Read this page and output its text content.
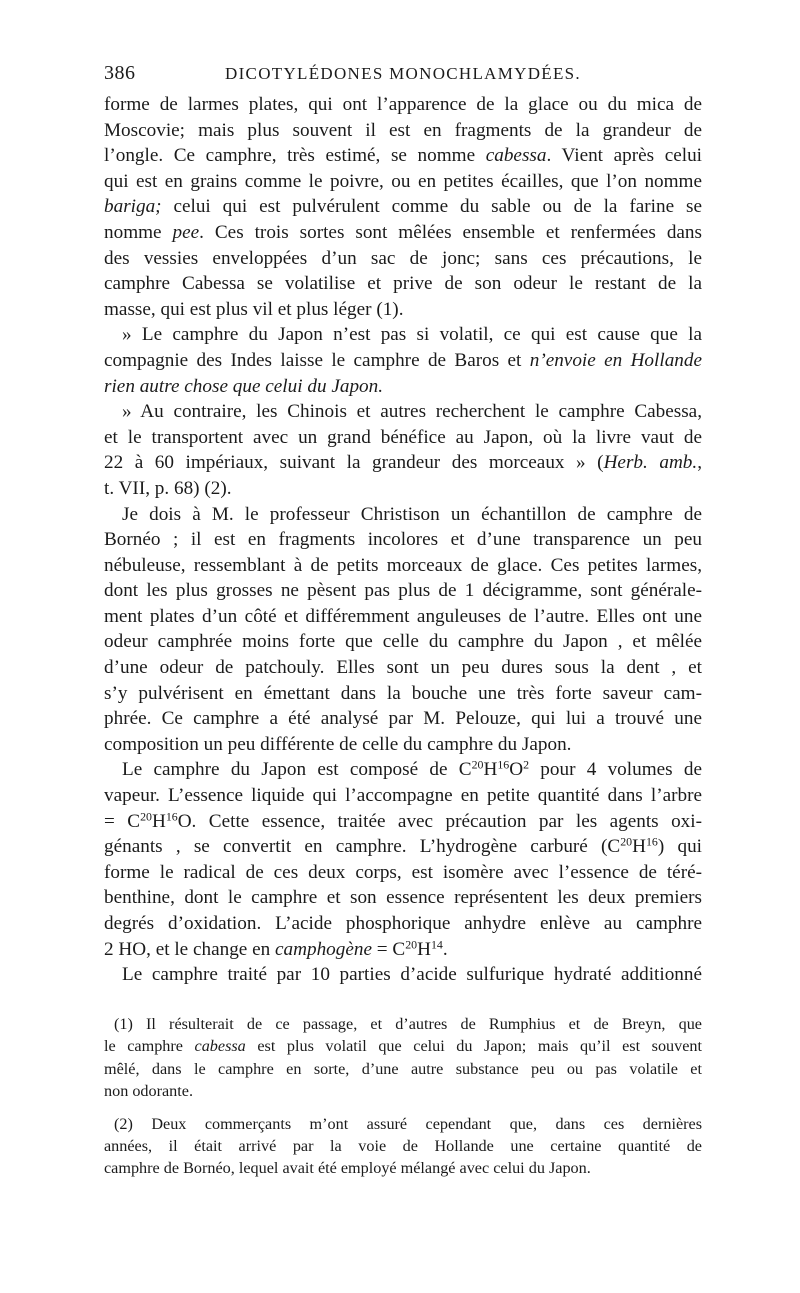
386	DICOTYLÉDONES MONOCHLAMYDÉES.
forme de larmes plates, qui ont l’apparence de la glace ou du mica de
Moscovie; mais plus souvent il est en fragments de la grandeur de
l’ongle. Ce camphre, très estimé, se nomme cabessa. Vient après celui
qui est en grains comme le poivre, ou en petites écailles, que l’on nomme
bariga; celui qui est pulvérulent comme du sable ou de la farine se
nomme pee. Ces trois sortes sont mêlées ensemble et renfermées dans
des vessies enveloppées d’un sac de jonc; sans ces précautions, le
camphre Cabessa se volatilise et prive de son odeur le restant de la
masse, qui est plus vil et plus léger (1).
» Le camphre du Japon n’est pas si volatil, ce qui est cause que la
compagnie des Indes laisse le camphre de Baros et n’envoie en Hollande
rien autre chose que celui du Japon.
» Au contraire, les Chinois et autres recherchent le camphre Cabessa,
et le transportent avec un grand bénéfice au Japon, où la livre vaut de
22 à 60 impériaux, suivant la grandeur des morceaux » (Herb. amb.,
t. VII, p. 68) (2).
Je dois à M. le professeur Christison un échantillon de camphre de
Bornéo ; il est en fragments incolores et d’une transparence un peu
nébuleuse, ressemblant à de petits morceaux de glace. Ces petites larmes,
dont les plus grosses ne pèsent pas plus de 1 décigramme, sont générale-
ment plates d’un côté et différemment anguleuses de l’autre. Elles ont une
odeur camphrée moins forte que celle du camphre du Japon , et mêlée
d’une odeur de patchouly. Elles sont un peu dures sous la dent , et
s’y pulvérisent en émettant dans la bouche une très forte saveur cam-
phrée. Ce camphre a été analysé par M. Pelouze, qui lui a trouvé une
composition un peu différente de celle du camphre du Japon.
Le camphre du Japon est composé de $C^{20}H^{16}O^2$ pour 4 volumes de
vapeur. L’essence liquide qui l’accompagne en petite quantité dans l’arbre
= $C^{20}H^{16}O$. Cette essence, traitée avec précaution par les agents oxi-
génants , se convertit en camphre. L’hydrogène carburé $(C^{20}H^{16})$ qui
forme le radical de ces deux corps, est isomère avec l’essence de téré-
benthine, dont le camphre et son essence représentent les deux premiers
degrés d’oxidation. L’acide phosphorique anhydre enlève au camphre
2 HO, et le change en camphogène = $C^{20}H^{14}$.
Le camphre traité par 10 parties d’acide sulfurique hydraté additionné
(1) Il résulterait de ce passage, et d’autres de Rumphius et de Breyn, que
le camphre cabessa est plus volatil que celui du Japon; mais qu’il est souvent
mêlé, dans le camphre en sorte, d’une autre substance peu ou pas volatile et
non odorante.
(2) Deux commerçants m’ont assuré cependant que, dans ces dernières
années, il était arrivé par la voie de Hollande une certaine quantité de
camphre de Bornéo, lequel avait été employé mélangé avec celui du Japon.
